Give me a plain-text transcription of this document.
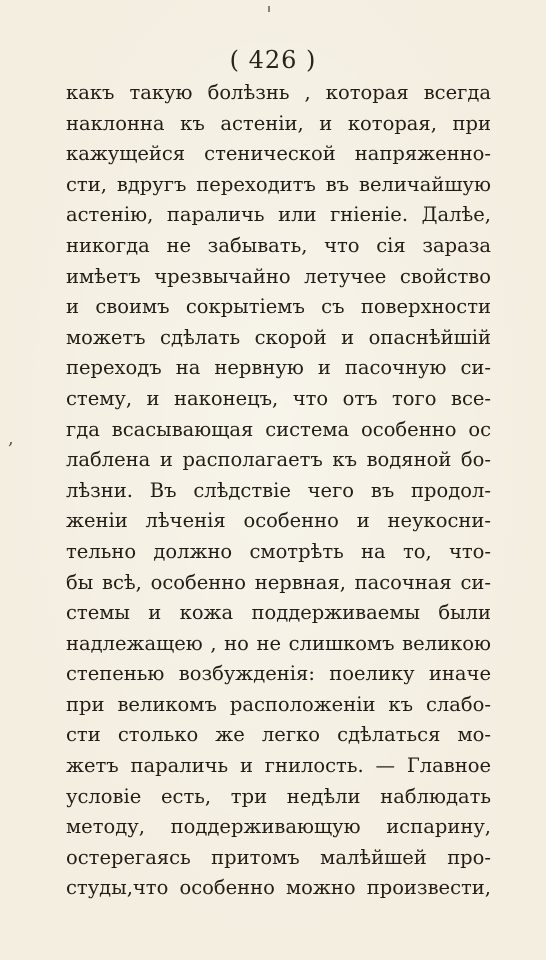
( 426 )
,
какъ такую болѣзнь , которая всегда
наклонна къ астеніи, и которая, при
кажущейся стенической напряженно-
сти, вдругъ переходитъ въ величайшую
астенію, параличь или гніеніе. Далѣе,
никогда не забывать, что сія зараза
имѣетъ чрезвычайно летучее свойство
и своимъ сокрытіемъ съ поверхности
можетъ сдѣлать скорой и опаснѣйшій
переходъ на нервную и пасочную си-
стему, и наконецъ, что отъ того все-
гда всасывающая система особенно ос
лаблена и располагаетъ къ водяной бо-
лѣзни. Въ слѣдствіе чего въ продол-
женіи лѣченія особенно и неукосни-
тельно должно смотрѣть на то, что-
бы всѣ, особенно нервная, пасочная си-
стемы и кожа поддерживаемы были
надлежащею , но не слишкомъ великою
степенью возбужденія: поелику иначе
при великомъ расположеніи къ слабо-
сти столько же легко сдѣлаться мо-
жетъ параличь и гнилость. — Главное
условіе есть, три недѣли наблюдать
методу, поддерживающую испарину,
остерегаясь притомъ малѣйшей про-
студы,что особенно можно произвести,
